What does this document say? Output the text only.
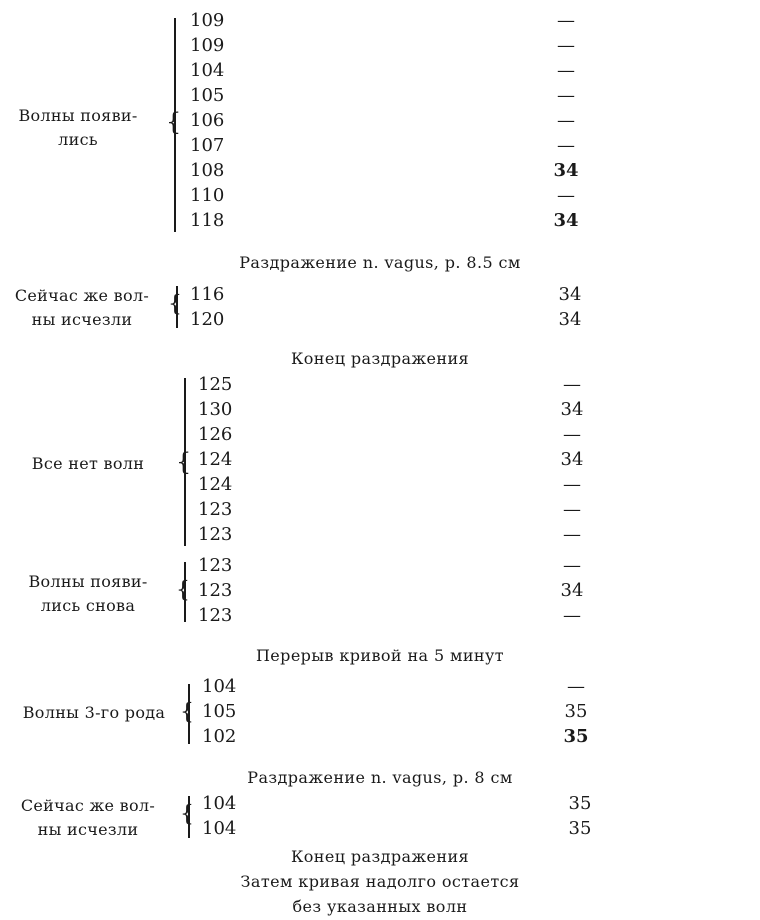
Волны появи-
лись
{
109
109
104
105
106
107
108
110
118
—
—
—
—
—
—
34
—
34
Раздражение n. vagus, p. 8.5 см
Сейчас же вол-
ны исчезли
{ 116
120
34
34
Конец раздражения
Все нет волн	{
125
130
126
124
124
123
123
—
34
—
34
—
—
—
Волны появи-
лись снова
{
123
123
123
—
34
—
Перерыв кривой на 5 минут
Волны 3-го рода {
104
105
102
—
35
35
Раздражение n. vagus, p. 8 см
Сейчас же вол-
ны исчезли
{ 104
104
35
35
Конец раздражения
Затем кривая надолго остается
без указанных волн
